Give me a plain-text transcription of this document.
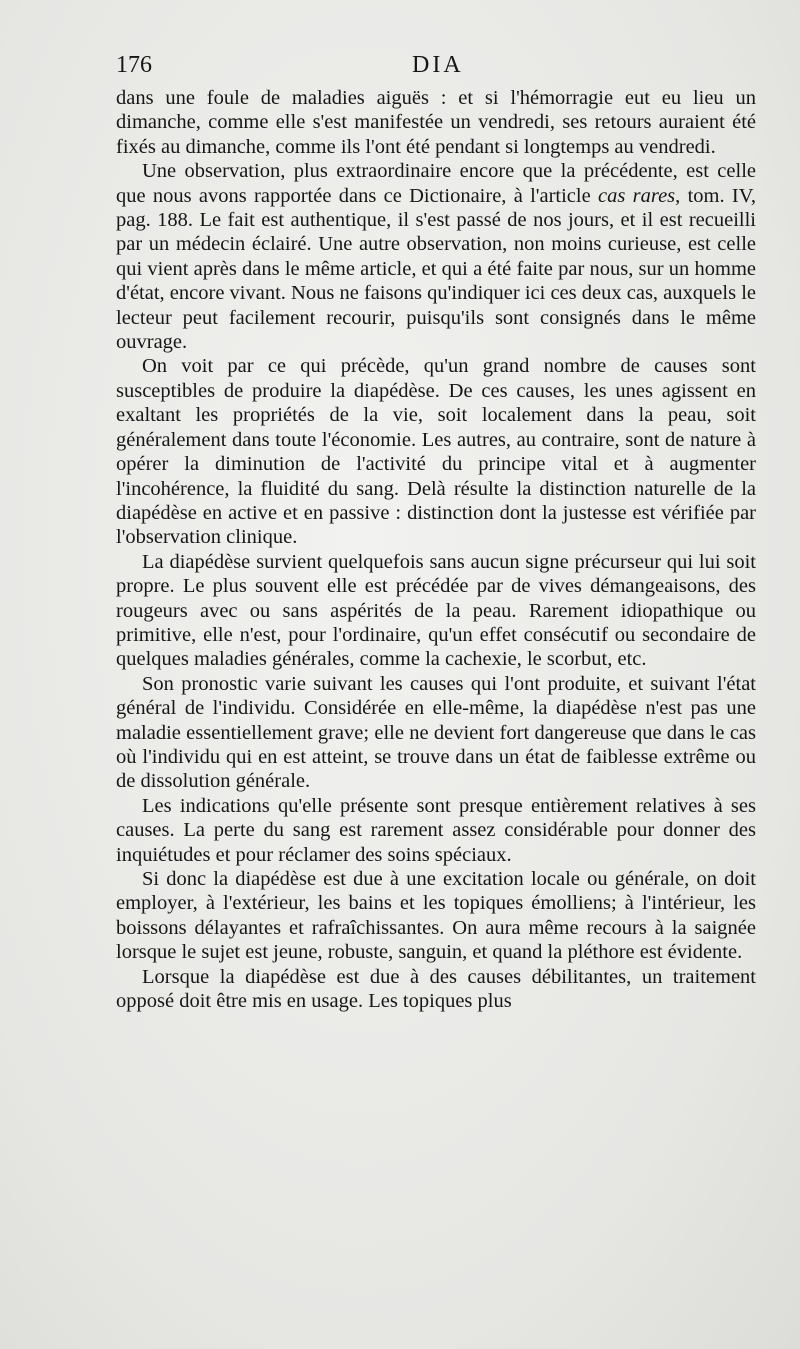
176	DIA

dans une foule de maladies aiguës : et si l'hémorragie eut eu lieu un dimanche, comme elle s'est manifestée un vendredi, ses retours auraient été fixés au dimanche, comme ils l'ont été pendant si longtemps au vendredi.

Une observation, plus extraordinaire encore que la précédente, est celle que nous avons rapportée dans ce Dictionaire, à l'article cas rares, tom. IV, pag. 188. Le fait est authentique, il s'est passé de nos jours, et il est recueilli par un médecin éclairé. Une autre observation, non moins curieuse, est celle qui vient après dans le même article, et qui a été faite par nous, sur un homme d'état, encore vivant. Nous ne faisons qu'indiquer ici ces deux cas, auxquels le lecteur peut facilement recourir, puisqu'ils sont consignés dans le même ouvrage.

On voit par ce qui précède, qu'un grand nombre de causes sont susceptibles de produire la diapédèse. De ces causes, les unes agissent en exaltant les propriétés de la vie, soit localement dans la peau, soit généralement dans toute l'économie. Les autres, au contraire, sont de nature à opérer la diminution de l'activité du principe vital et à augmenter l'incohérence, la fluidité du sang. Delà résulte la distinction naturelle de la diapédèse en active et en passive : distinction dont la justesse est vérifiée par l'observation clinique.

La diapédèse survient quelquefois sans aucun signe précurseur qui lui soit propre. Le plus souvent elle est précédée par de vives démangeaisons, des rougeurs avec ou sans aspérités de la peau. Rarement idiopathique ou primitive, elle n'est, pour l'ordinaire, qu'un effet consécutif ou secondaire de quelques maladies générales, comme la cachexie, le scorbut, etc.

Son pronostic varie suivant les causes qui l'ont produite, et suivant l'état général de l'individu. Considérée en elle-même, la diapédèse n'est pas une maladie essentiellement grave; elle ne devient fort dangereuse que dans le cas où l'individu qui en est atteint, se trouve dans un état de faiblesse extrême ou de dissolution générale.

Les indications qu'elle présente sont presque entièrement relatives à ses causes. La perte du sang est rarement assez considérable pour donner des inquiétudes et pour réclamer des soins spéciaux.

Si donc la diapédèse est due à une excitation locale ou générale, on doit employer, à l'extérieur, les bains et les topiques émolliens; à l'intérieur, les boissons délayantes et rafraîchissantes. On aura même recours à la saignée lorsque le sujet est jeune, robuste, sanguin, et quand la pléthore est évidente.

Lorsque la diapédèse est due à des causes débilitantes, un traitement opposé doit être mis en usage. Les topiques plus
